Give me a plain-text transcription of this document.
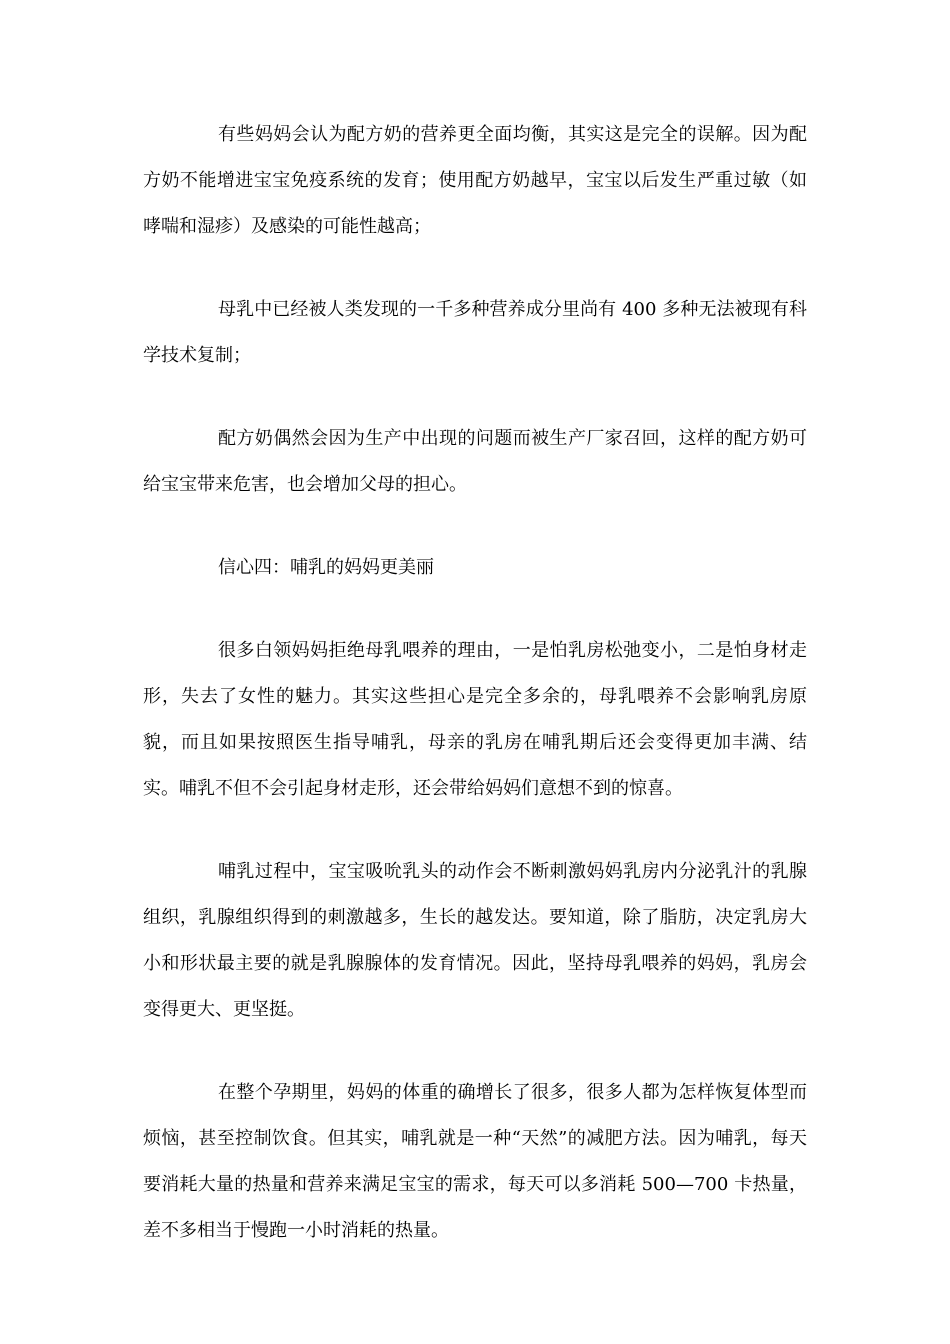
有些妈妈会认为配方奶的营养更全面均衡，其实这是完全的误解。因为配方奶不能增进宝宝免疫系统的发育；使用配方奶越早，宝宝以后发生严重过敏（如哮喘和湿疹）及感染的可能性越高；

母乳中已经被人类发现的一千多种营养成分里尚有 400 多种无法被现有科学技术复制；

配方奶偶然会因为生产中出现的问题而被生产厂家召回，这样的配方奶可给宝宝带来危害，也会增加父母的担心。

信心四：哺乳的妈妈更美丽

很多白领妈妈拒绝母乳喂养的理由，一是怕乳房松弛变小，二是怕身材走形，失去了女性的魅力。其实这些担心是完全多余的，母乳喂养不会影响乳房原貌，而且如果按照医生指导哺乳，母亲的乳房在哺乳期后还会变得更加丰满、结实。哺乳不但不会引起身材走形，还会带给妈妈们意想不到的惊喜。

哺乳过程中，宝宝吸吮乳头的动作会不断刺激妈妈乳房内分泌乳汁的乳腺组织，乳腺组织得到的刺激越多，生长的越发达。要知道，除了脂肪，决定乳房大小和形状最主要的就是乳腺腺体的发育情况。因此，坚持母乳喂养的妈妈，乳房会变得更大、更坚挺。

在整个孕期里，妈妈的体重的确增长了很多，很多人都为怎样恢复体型而烦恼，甚至控制饮食。但其实，哺乳就是一种“天然”的减肥方法。因为哺乳，每天要消耗大量的热量和营养来满足宝宝的需求，每天可以多消耗 500—700 卡热量，差不多相当于慢跑一小时消耗的热量。
